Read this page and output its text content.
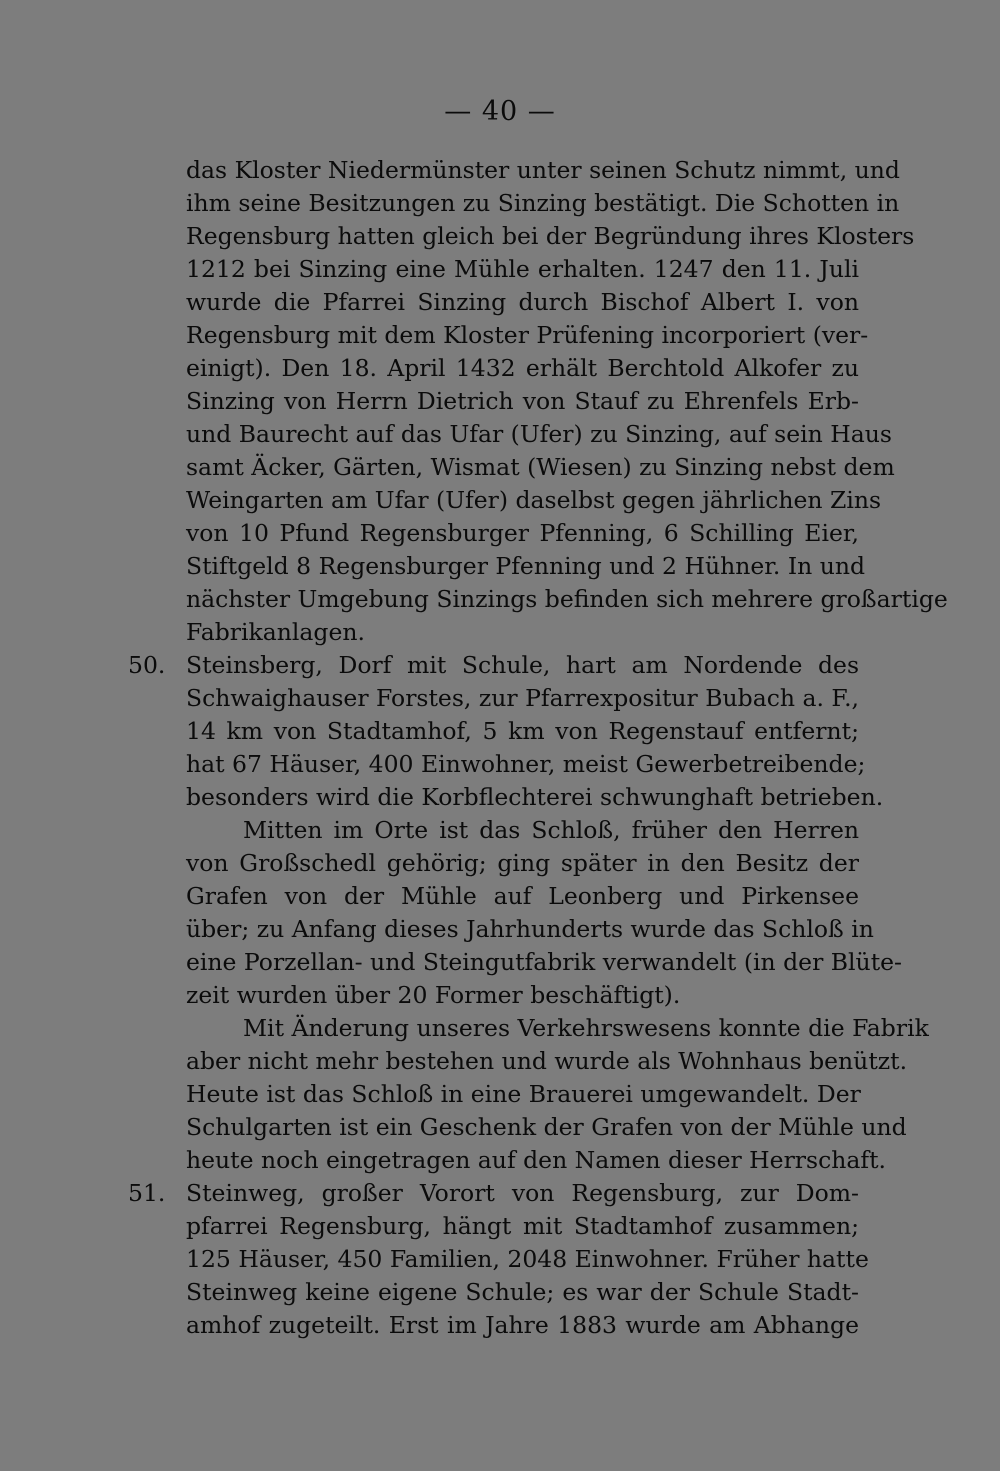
— 40 —
das Kloster Niedermünster unter seinen Schutz nimmt, und
ihm seine Besitzungen zu Sinzing bestätigt. Die Schotten in
Regensburg hatten gleich bei der Begründung ihres Klosters
1212 bei Sinzing eine Mühle erhalten. 1247 den 11. Juli
wurde die Pfarrei Sinzing durch Bischof Albert I. von
Regensburg mit dem Kloster Prüfening incorporiert (ver-
einigt). Den 18. April 1432 erhält Berchtold Alkofer zu
Sinzing von Herrn Dietrich von Stauf zu Ehrenfels Erb-
und Baurecht auf das Ufar (Ufer) zu Sinzing, auf sein Haus
samt Äcker, Gärten, Wismat (Wiesen) zu Sinzing nebst dem
Weingarten am Ufar (Ufer) daselbst gegen jährlichen Zins
von 10 Pfund Regensburger Pfenning, 6 Schilling Eier,
Stiftgeld 8 Regensburger Pfenning und 2 Hühner. In und
nächster Umgebung Sinzings befinden sich mehrere großartige
Fabrikanlagen.
50. Steinsberg, Dorf mit Schule, hart am Nordende des
Schwaighauser Forstes, zur Pfarrexpositur Bubach a. F.,
14 km von Stadtamhof, 5 km von Regenstauf entfernt;
hat 67 Häuser, 400 Einwohner, meist Gewerbetreibende;
besonders wird die Korbflechterei schwunghaft betrieben.
Mitten im Orte ist das Schloß, früher den Herren
von Großschedl gehörig; ging später in den Besitz der
Grafen von der Mühle auf Leonberg und Pirkensee
über; zu Anfang dieses Jahrhunderts wurde das Schloß in
eine Porzellan- und Steingutfabrik verwandelt (in der Blüte-
zeit wurden über 20 Former beschäftigt).
Mit Änderung unseres Verkehrswesens konnte die Fabrik
aber nicht mehr bestehen und wurde als Wohnhaus benützt.
Heute ist das Schloß in eine Brauerei umgewandelt. Der
Schulgarten ist ein Geschenk der Grafen von der Mühle und
heute noch eingetragen auf den Namen dieser Herrschaft.
51. Steinweg, großer Vorort von Regensburg, zur Dom-
pfarrei Regensburg, hängt mit Stadtamhof zusammen;
125 Häuser, 450 Familien, 2048 Einwohner. Früher hatte
Steinweg keine eigene Schule; es war der Schule Stadt-
amhof zugeteilt. Erst im Jahre 1883 wurde am Abhange
